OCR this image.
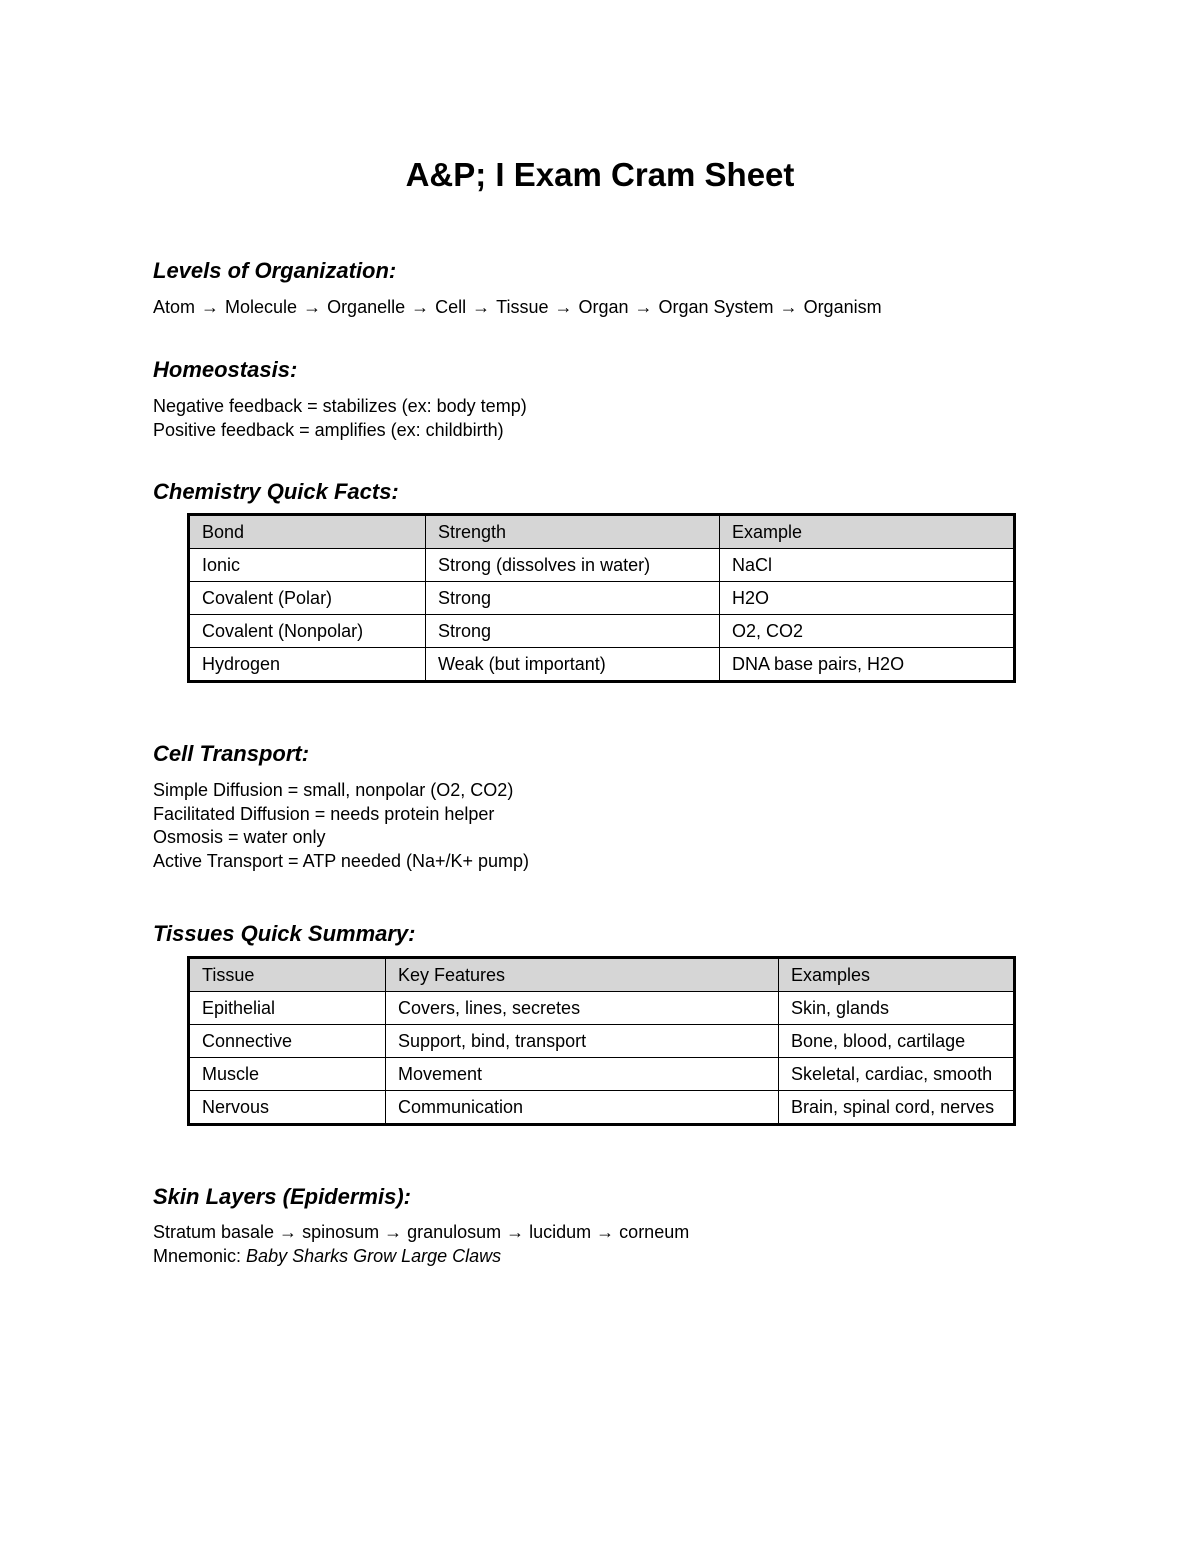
A&P; I Exam Cram Sheet
Levels of Organization:

Atom → Molecule → Organelle → Cell → Tissue → Organ → Organ System → Organism

Homeostasis:

Negative feedback = stabilizes (ex: body temp)
Positive feedback = amplifies (ex: childbirth)

Chemistry Quick Facts:
Bond	Strength	Example
Ionic	Strong (dissolves in water)	NaCl
Covalent (Polar)	Strong	H2O
Covalent (Nonpolar)	Strong	O2, CO2
Hydrogen	Weak (but important)	DNA base pairs, H2O
Cell Transport:

Simple Diffusion = small, nonpolar (O2, CO2)
Facilitated Diffusion = needs protein helper
Osmosis = water only
Active Transport = ATP needed (Na+/K+ pump)

Tissues Quick Summary:
Tissue	Key Features	Examples
Epithelial	Covers, lines, secretes	Skin, glands
Connective	Support, bind, transport	Bone, blood, cartilage
Muscle	Movement	Skeletal, cardiac, smooth
Nervous	Communication	Brain, spinal cord, nerves
Skin Layers (Epidermis):

Stratum basale → spinosum → granulosum → lucidum → corneum
Mnemonic: Baby Sharks Grow Large Claws
